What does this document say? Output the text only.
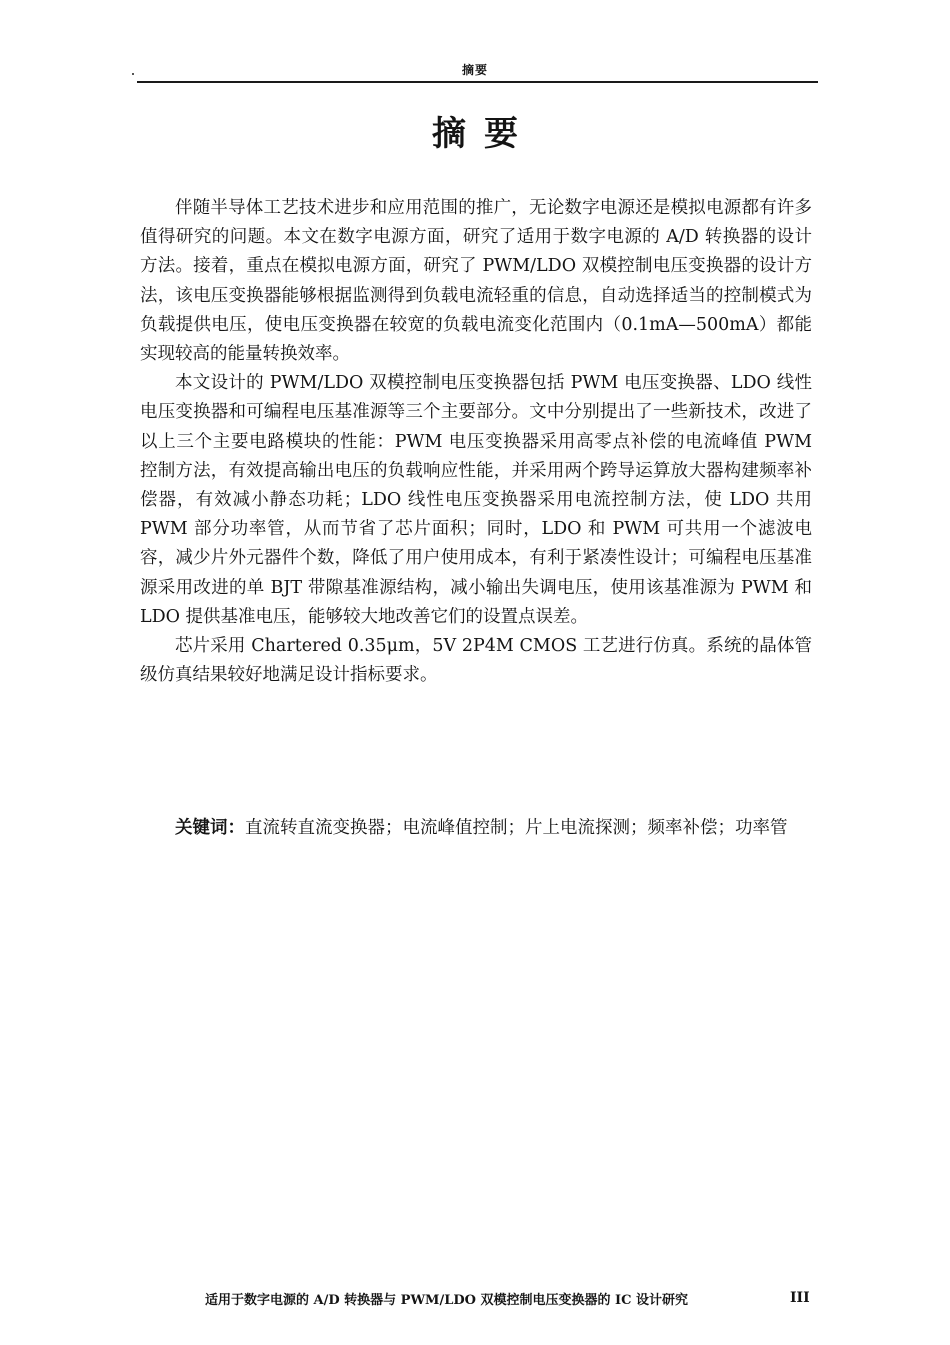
摘要
摘要

伴随半导体工艺技术进步和应用范围的推广，无论数字电源还是模拟电源都有许多值得研究的问题。本文在数字电源方面，研究了适用于数字电源的 A/D 转换器的设计方法。接着，重点在模拟电源方面，研究了 PWM/LDO 双模控制电压变换器的设计方法，该电压变换器能够根据监测得到负载电流轻重的信息，自动选择适当的控制模式为负载提供电压，使电压变换器在较宽的负载电流变化范围内（0.1mA—500mA）都能实现较高的能量转换效率。

本文设计的 PWM/LDO 双模控制电压变换器包括 PWM 电压变换器、LDO 线性电压变换器和可编程电压基准源等三个主要部分。文中分别提出了一些新技术，改进了以上三个主要电路模块的性能：PWM 电压变换器采用高零点补偿的电流峰值 PWM 控制方法，有效提高输出电压的负载响应性能，并采用两个跨导运算放大器构建频率补偿器，有效减小静态功耗；LDO 线性电压变换器采用电流控制方法，使 LDO 共用 PWM 部分功率管，从而节省了芯片面积；同时，LDO 和 PWM 可共用一个滤波电容，减少片外元器件个数，降低了用户使用成本，有利于紧凑性设计；可编程电压基准源采用改进的单 BJT 带隙基准源结构，减小输出失调电压，使用该基准源为 PWM 和 LDO 提供基准电压，能够较大地改善它们的设置点误差。

芯片采用 Chartered 0.35μm，5V 2P4M CMOS 工艺进行仿真。系统的晶体管级仿真结果较好地满足设计指标要求。

关键词：直流转直流变换器；电流峰值控制；片上电流探测；频率补偿；功率管
适用于数字电源的 A/D 转换器与 PWM/LDO 双模控制电压变换器的 IC 设计研究	III
